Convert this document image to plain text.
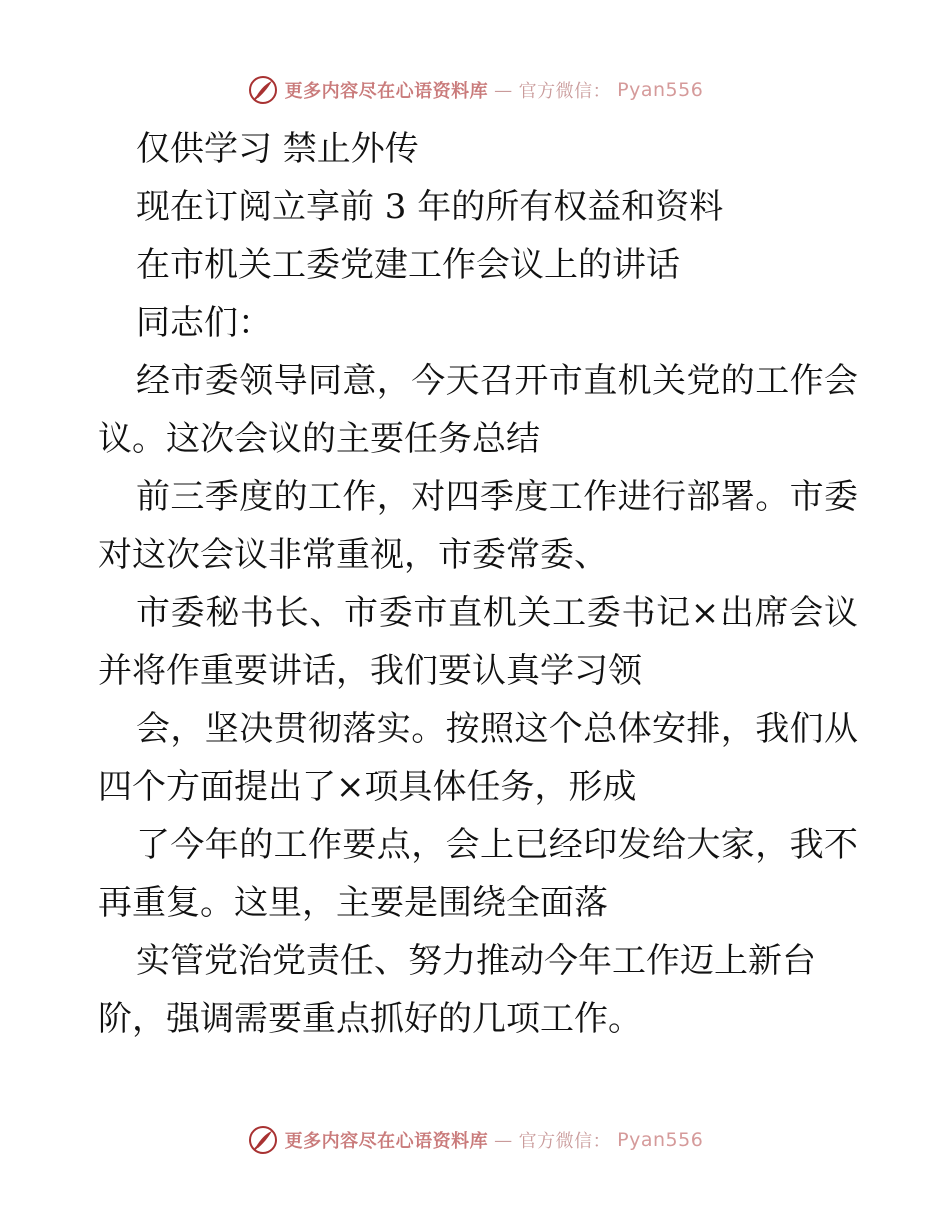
更多内容尽在心语资料库 — 官方微信： Pyan556
仅供学习 禁止外传
现在订阅立享前 3 年的所有权益和资料
在市机关工委党建工作会议上的讲话
同志们：
经市委领导同意，今天召开市直机关党的工作会
议。这次会议的主要任务总结
前三季度的工作，对四季度工作进行部署。市委
对这次会议非常重视，市委常委、
市委秘书长、市委市直机关工委书记×出席会议
并将作重要讲话，我们要认真学习领
会，坚决贯彻落实。按照这个总体安排，我们从
四个方面提出了×项具体任务，形成
了今年的工作要点，会上已经印发给大家，我不
再重复。这里，主要是围绕全面落
实管党治党责任、努力推动今年工作迈上新台
阶，强调需要重点抓好的几项工作。
更多内容尽在心语资料库 — 官方微信： Pyan556
